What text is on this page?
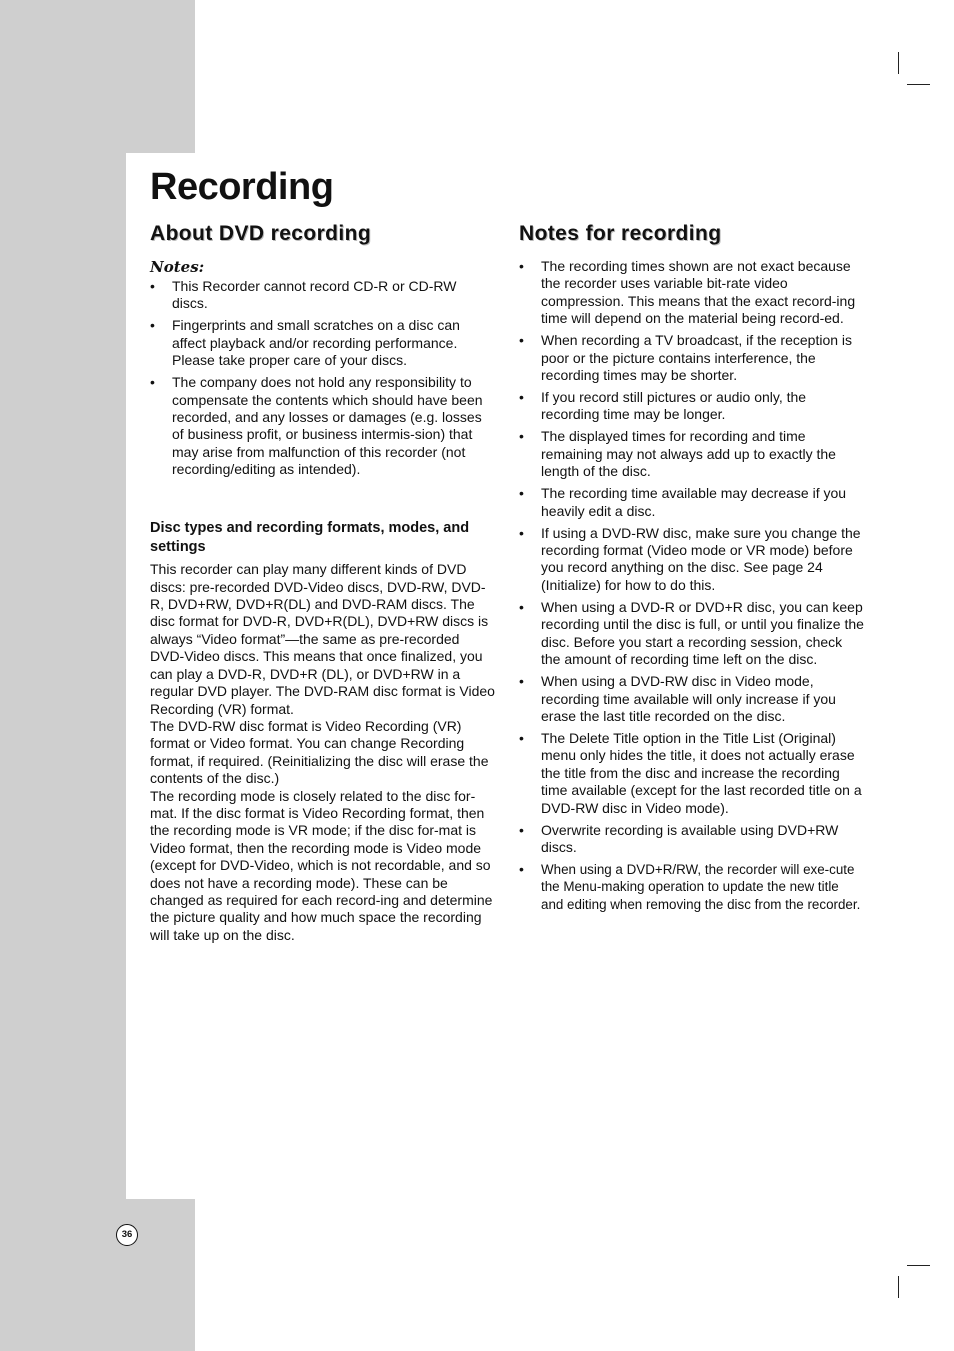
Recording
About DVD recording
Notes:
• This Recorder cannot record CD-R or CD-RW discs.
• Fingerprints and small scratches on a disc can affect playback and/or recording performance. Please take proper care of your discs.
• The company does not hold any responsibility to compensate the contents which should have been recorded, and any losses or damages (e.g. losses of business profit, or business intermis-sion) that may arise from malfunction of this recorder (not recording/editing as intended).
Disc types and recording formats, modes, and settings

This recorder can play many different kinds of DVD discs: pre-recorded DVD-Video discs, DVD-RW, DVD-R, DVD+RW, DVD+R(DL) and DVD-RAM discs. The disc format for DVD-R, DVD+R(DL), DVD+RW discs is always “Video format”—the same as pre-recorded DVD-Video discs. This means that once finalized, you can play a DVD-R, DVD+R (DL), or DVD+RW in a regular DVD player. The DVD-RAM disc format is Video Recording (VR) format.

The DVD-RW disc format is Video Recording (VR) format or Video format. You can change Recording format, if required. (Reinitializing the disc will erase the contents of the disc.)

The recording mode is closely related to the disc for-mat. If the disc format is Video Recording format, then the recording mode is VR mode; if the disc for-mat is Video format, then the recording mode is Video mode (except for DVD-Video, which is not recordable, and so does not have a recording mode). These can be changed as required for each record-ing and determine the picture quality and how much space the recording will take up on the disc.

Notes for recording
• The recording times shown are not exact because the recorder uses variable bit-rate video compression. This means that the exact record-ing time will depend on the material being record-ed.
• When recording a TV broadcast, if the reception is poor or the picture contains interference, the recording times may be shorter.
• If you record still pictures or audio only, the recording time may be longer.
• The displayed times for recording and time remaining may not always add up to exactly the length of the disc.
• The recording time available may decrease if you heavily edit a disc.
• If using a DVD-RW disc, make sure you change the recording format (Video mode or VR mode) before you record anything on the disc. See page 24 (Initialize) for how to do this.
• When using a DVD-R or DVD+R disc, you can keep recording until the disc is full, or until you finalize the disc. Before you start a recording session, check the amount of recording time left on the disc.
• When using a DVD-RW disc in Video mode, recording time available will only increase if you erase the last title recorded on the disc.
• The Delete Title option in the Title List (Original) menu only hides the title, it does not actually erase the title from the disc and increase the recording time available (except for the last recorded title on a DVD-RW disc in Video mode).
• Overwrite recording is available using DVD+RW discs.
• When using a DVD+R/RW, the recorder will exe-cute the Menu-making operation to update the new title and editing when removing the disc from the recorder.
36
